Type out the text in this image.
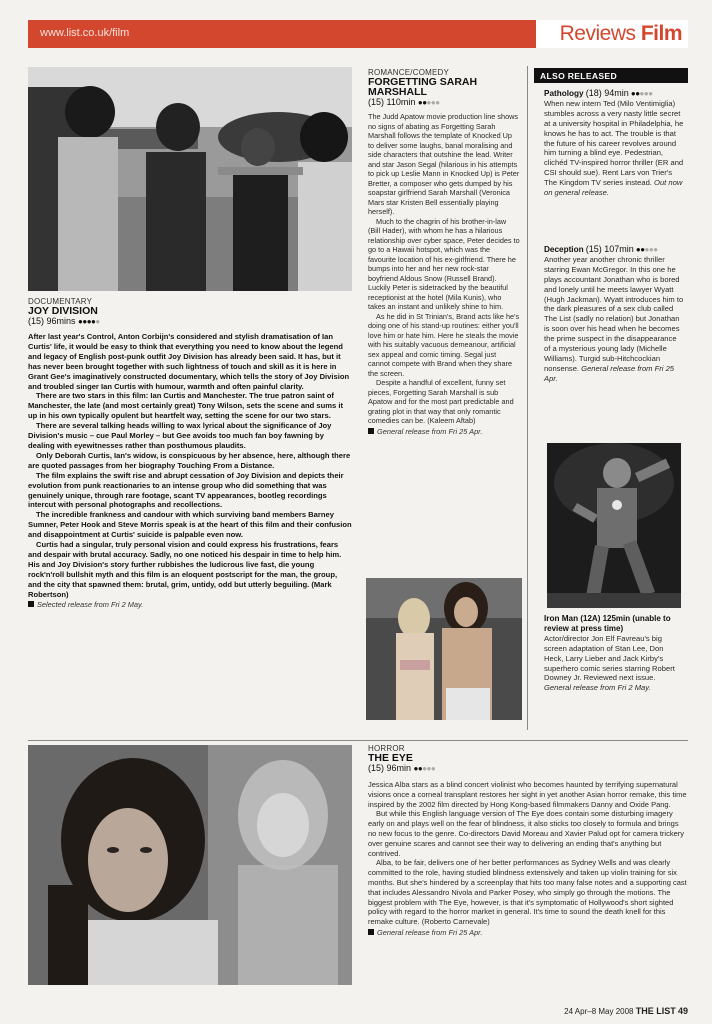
www.list.co.uk/film	Reviews Film
DOCUMENTARY
JOY DIVISION
(15) 96mins ●●●●●

After last year's Control, Anton Corbijn's considered and stylish dramatisation of Ian Curtis' life, it would be easy to think that everything you need to know about the legend and legacy of English post-punk outfit Joy Division has already been said. It has, but it has never been brought together with such lightness of touch and skill as it is here in Grant Gee's imaginatively constructed documentary, which tells the story of Joy Division and troubled singer Ian Curtis with humour, warmth and often painful clarity.

There are two stars in this film: Ian Curtis and Manchester. The true patron saint of Manchester, the late (and most certainly great) Tony Wilson, sets the scene and sums it up in his own typically opulent but heartfelt way, setting the scene for our two stars.

There are several talking heads willing to wax lyrical about the significance of Joy Division's music – cue Paul Morley – but Gee avoids too much fan boy fawning by dealing with eyewitnesses rather than posthumous plaudits.

Only Deborah Curtis, Ian's widow, is conspicuous by her absence, here, although there are quoted passages from her biography Touching From a Distance.

The film explains the swift rise and abrupt cessation of Joy Division and depicts their evolution from punk reactionaries to an intense group who did something that was genuinely unique, through rare footage, scant TV appearances, bootleg recordings intercut with personal photographs and recollections.

The incredible frankness and candour with which surviving band members Barney Sumner, Peter Hook and Steve Morris speak is at the heart of this film and their confusion and disappointment at Curtis' suicide is palpable even now.

Curtis had a singular, truly personal vision and could express his frustrations, fears and despair with brutal accuracy. Sadly, no one noticed his despair in time to help him. His and Joy Division's story further rubbishes the ludicrous live fast, die young rock'n'roll bullshit myth and this film is an eloquent postscript for the man, the group, and the city that spawned them: brutal, grim, untidy, odd but utterly beguiling. (Mark Robertson)

Selected release from Fri 2 May.
ROMANCE/COMEDY
FORGETTING SARAH
MARSHALL
(15) 110min ●●●●●

The Judd Apatow movie production line shows no signs of abating as Forgetting Sarah Marshall follows the template of Knocked Up to deliver some laughs, banal moralising and side characters that outshine the lead. Writer and star Jason Segal (hilarious in his attempts to pick up Leslie Mann in Knocked Up) is Peter Bretter, a composer who gets dumped by his soapstar girlfriend Sarah Marshall (Veronica Mars star Kristen Bell essentially playing herself).

Much to the chagrin of his brother-in-law (Bill Hader), with whom he has a hilarious relationship over cyber space, Peter decides to go to a Hawaii hotspot, which was the favourite location of his ex-girlfriend. There he bumps into her and her new rock-star boyfriend Aldous Snow (Russell Brand). Luckily Peter is sidetracked by the beautiful receptionist at the hotel (Mila Kunis), who takes an instant and unlikely shine to him.

As he did in St Trinian's, Brand acts like he's doing one of his stand-up routines: either you'll love him or hate him. Here he steals the movie with his suitably vacuous demeanour, artificial sex appeal and comic timing. Segal just cannot compete with Brand when they share the screen.

Despite a handful of excellent, funny set pieces, Forgetting Sarah Marshall is sub Apatow and for the most part predictable and grating plot in that way that only romantic comedies can be. (Kaleem Aftab)

General release from Fri 25 Apr.
ALSO RELEASED
Pathology (18) 94min ●●●●●
When new intern Ted (Milo Ventimiglia) stumbles across a very nasty little secret at a university hospital in Philadelphia, he knows he has to act. The trouble is that the future of his career revolves around him turning a blind eye. Pedestrian, clichéd TV-inspired horror thriller (ER and CSI should sue). Rent Lars von Trier's The Kingdom TV series instead. Out now on general release.
Deception (15) 107min ●●●●●
Another year another chronic thriller starring Ewan McGregor. In this one he plays accountant Jonathan who is bored and lonely until he meets lawyer Wyatt (Hugh Jackman). Wyatt introduces him to the dark pleasures of a sex club called The List (sadly no relation) but Jonathan is soon over his head when he becomes the prime suspect in the disappearance of a mysterious young lady (Michelle Williams). Turgid sub-Hitchcockian nonsense. General release from Fri 25 Apr.
Iron Man (12A) 125min (unable to review at press time)
Actor/director Jon Elf Favreau's big screen adaptation of Stan Lee, Don Heck, Larry Lieber and Jack Kirby's superhero comic series starring Robert Downey Jr. Reviewed next issue. General release from Fri 2 May.
HORROR
THE EYE
(15) 96min ●●●●●

Jessica Alba stars as a blind concert violinist who becomes haunted by terrifying supernatural visions once a corneal transplant restores her sight in yet another Asian horror remake, this time inspired by the 2002 film directed by Hong Kong-based filmmakers Danny and Oxide Pang.

But while this English language version of The Eye does contain some disturbing imagery early on and plays well on the fear of blindness, it also sticks too closely to formula and brings no new focus to the genre. Co-directors David Moreau and Xavier Palud opt for camera trickery over genuine scares and cannot see their way to delivering an ending that's anything but contrived.

Alba, to be fair, delivers one of her better performances as Sydney Wells and was clearly committed to the role, having studied blindness extensively and taken up violin training for six months. But she's hindered by a screenplay that hits too many false notes and a supporting cast that includes Alessandro Nivola and Parker Posey, who simply go through the motions. The biggest problem with The Eye, however, is that it's symptomatic of Hollywood's short sighted policy with regard to the horror market in general. It's time to sound the death knell for this remake culture. (Roberto Carnevale)

General release from Fri 25 Apr.
24 Apr–8 May 2008 THE LIST 49
